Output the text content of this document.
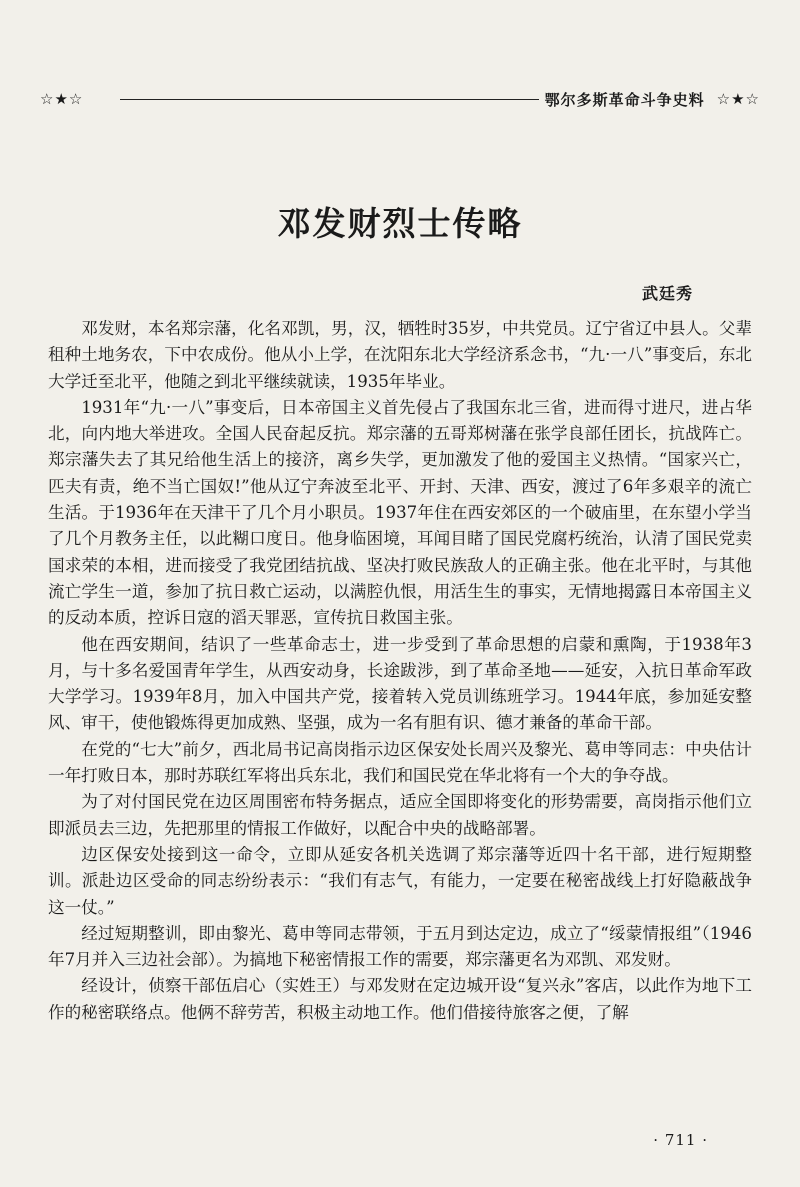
☆★☆	鄂尔多斯革命斗争史料 ☆★☆
邓发财烈士传略
武廷秀

邓发财，本名郑宗藩，化名邓凯，男，汉，牺牲时35岁，中共党员。辽宁省辽中县人。父辈租种土地务农，下中农成份。他从小上学，在沈阳东北大学经济系念书，“九·一八”事变后，东北大学迁至北平，他随之到北平继续就读，1935年毕业。

1931年“九·一八”事变后，日本帝国主义首先侵占了我国东北三省，进而得寸进尺，进占华北，向内地大举进攻。全国人民奋起反抗。郑宗藩的五哥郑树藩在张学良部任团长，抗战阵亡。郑宗藩失去了其兄给他生活上的接济，离乡失学，更加激发了他的爱国主义热情。“国家兴亡，匹夫有责，绝不当亡国奴!”他从辽宁奔波至北平、开封、天津、西安，渡过了6年多艰辛的流亡生活。于1936年在天津干了几个月小职员。1937年住在西安郊区的一个破庙里，在东望小学当了几个月教务主任，以此糊口度日。他身临困境，耳闻目睹了国民党腐朽统治，认清了国民党卖国求荣的本相，进而接受了我党团结抗战、坚决打败民族敌人的正确主张。他在北平时，与其他流亡学生一道，参加了抗日救亡运动，以满腔仇恨，用活生生的事实，无情地揭露日本帝国主义的反动本质，控诉日寇的滔天罪恶，宣传抗日救国主张。

他在西安期间，结识了一些革命志士，进一步受到了革命思想的启蒙和熏陶，于1938年3月，与十多名爱国青年学生，从西安动身，长途跋涉，到了革命圣地——延安，入抗日革命军政大学学习。1939年8月，加入中国共产党，接着转入党员训练班学习。1944年底，参加延安整风、审干，使他锻炼得更加成熟、坚强，成为一名有胆有识、德才兼备的革命干部。

在党的“七大”前夕，西北局书记高岗指示边区保安处长周兴及黎光、葛申等同志：中央估计一年打败日本，那时苏联红军将出兵东北，我们和国民党在华北将有一个大的争夺战。

为了对付国民党在边区周围密布特务据点，适应全国即将变化的形势需要，高岗指示他们立即派员去三边，先把那里的情报工作做好，以配合中央的战略部署。

边区保安处接到这一命令，立即从延安各机关选调了郑宗藩等近四十名干部，进行短期整训。派赴边区受命的同志纷纷表示：“我们有志气，有能力，一定要在秘密战线上打好隐蔽战争这一仗。”

经过短期整训，即由黎光、葛申等同志带领，于五月到达定边，成立了“绥蒙情报组”（1946年7月并入三边社会部）。为搞地下秘密情报工作的需要，郑宗藩更名为邓凯、邓发财。

经设计，侦察干部伍启心（实姓王）与邓发财在定边城开设“复兴永”客店，以此作为地下工作的秘密联络点。他俩不辞劳苦，积极主动地工作。他们借接待旅客之便，了解

· 711 ·
